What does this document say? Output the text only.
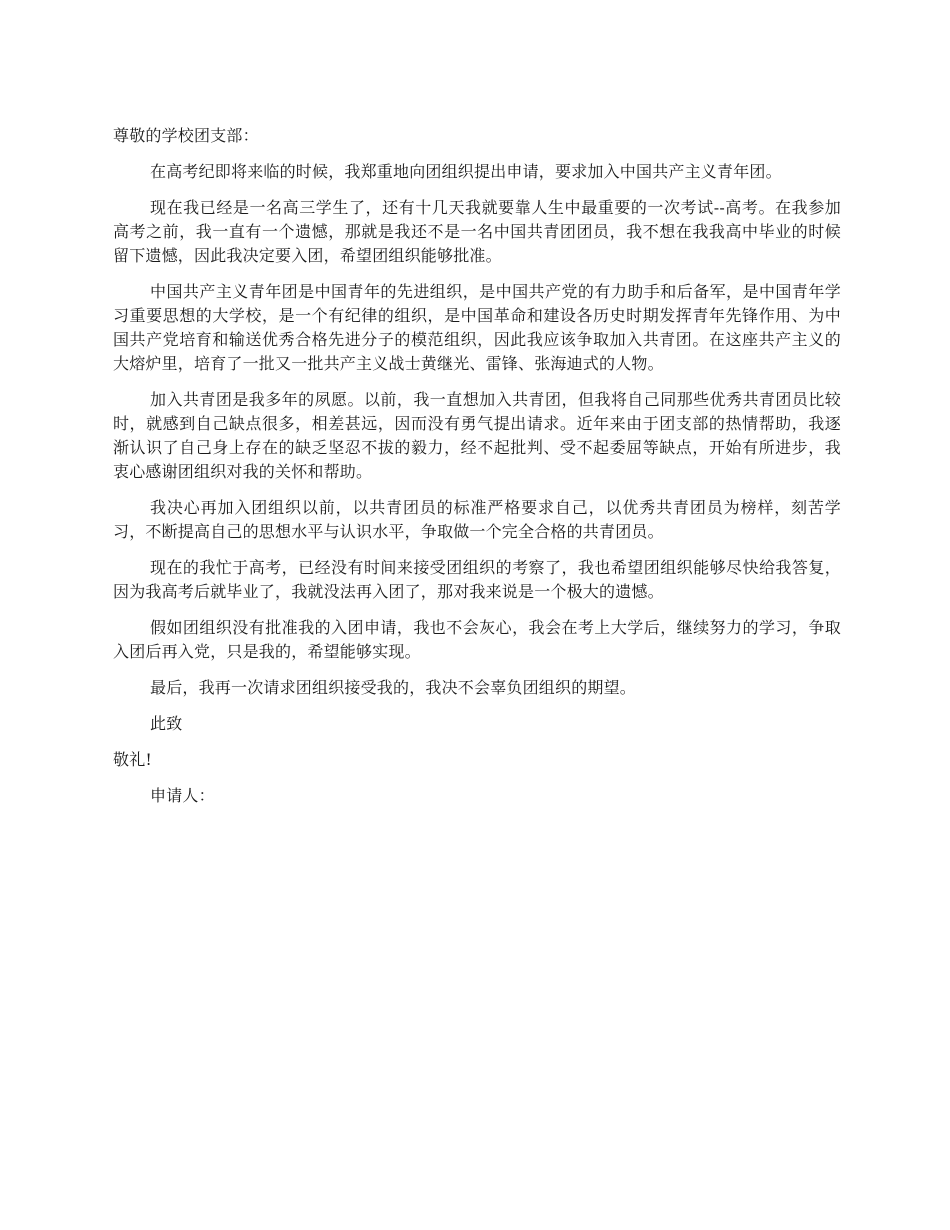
尊敬的学校团支部：

在高考纪即将来临的时候，我郑重地向团组织提出申请，要求加入中国共产主义青年团。

现在我已经是一名高三学生了，还有十几天我就要靠人生中最重要的一次考试--高考。在我参加高考之前，我一直有一个遗憾，那就是我还不是一名中国共青团团员，我不想在我我高中毕业的时候留下遗憾，因此我决定要入团，希望团组织能够批准。

中国共产主义青年团是中国青年的先进组织，是中国共产党的有力助手和后备军，是中国青年学习重要思想的大学校，是一个有纪律的组织，是中国革命和建设各历史时期发挥青年先锋作用、为中国共产党培育和输送优秀合格先进分子的模范组织，因此我应该争取加入共青团。在这座共产主义的大熔炉里，培育了一批又一批共产主义战士黄继光、雷锋、张海迪式的人物。

加入共青团是我多年的夙愿。以前，我一直想加入共青团，但我将自己同那些优秀共青团员比较时，就感到自己缺点很多，相差甚远，因而没有勇气提出请求。近年来由于团支部的热情帮助，我逐渐认识了自己身上存在的缺乏坚忍不拔的毅力，经不起批判、受不起委屈等缺点，开始有所进步，我衷心感谢团组织对我的关怀和帮助。

我决心再加入团组织以前，以共青团员的标准严格要求自己，以优秀共青团员为榜样，刻苦学习，不断提高自己的思想水平与认识水平，争取做一个完全合格的共青团员。

现在的我忙于高考，已经没有时间来接受团组织的考察了，我也希望团组织能够尽快给我答复，因为我高考后就毕业了，我就没法再入团了，那对我来说是一个极大的遗憾。

假如团组织没有批准我的入团申请，我也不会灰心，我会在考上大学后，继续努力的学习，争取入团后再入党，只是我的，希望能够实现。

最后，我再一次请求团组织接受我的，我决不会辜负团组织的期望。

此致

敬礼!

申请人：
